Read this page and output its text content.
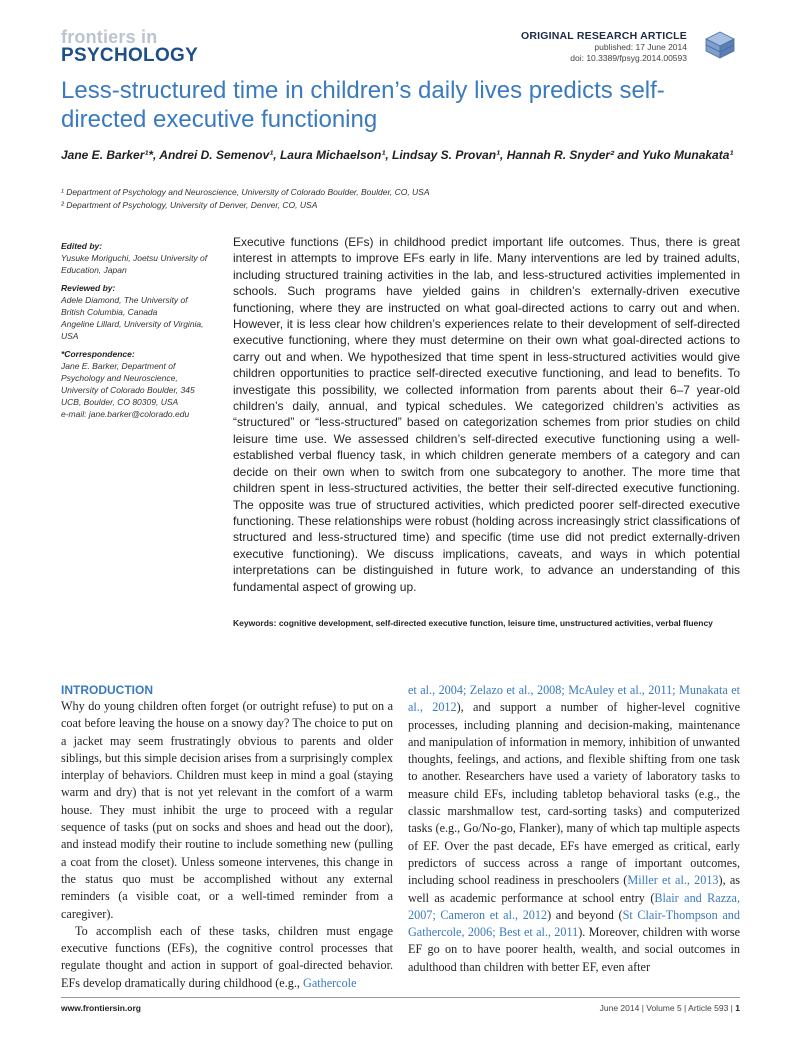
frontiers in
PSYCHOLOGY
ORIGINAL RESEARCH ARTICLE
published: 17 June 2014
doi: 10.3389/fpsyg.2014.00593
Less-structured time in children’s daily lives predicts self-directed executive functioning
Jane E. Barker¹*, Andrei D. Semenov¹, Laura Michaelson¹, Lindsay S. Provan¹, Hannah R. Snyder² and Yuko Munakata¹
¹ Department of Psychology and Neuroscience, University of Colorado Boulder, Boulder, CO, USA
² Department of Psychology, University of Denver, Denver, CO, USA
Edited by:
Yusuke Moriguchi, Joetsu University of Education, Japan
Reviewed by:
Adele Diamond, The University of British Columbia, Canada
Angeline Lillard, University of Virginia, USA
*Correspondence:
Jane E. Barker, Department of Psychology and Neuroscience, University of Colorado Boulder, 345 UCB, Boulder, CO 80309, USA
e-mail: jane.barker@colorado.edu

Executive functions (EFs) in childhood predict important life outcomes. Thus, there is great interest in attempts to improve EFs early in life. Many interventions are led by trained adults, including structured training activities in the lab, and less-structured activities implemented in schools. Such programs have yielded gains in children’s externally-driven executive functioning, where they are instructed on what goal-directed actions to carry out and when. However, it is less clear how children’s experiences relate to their development of self-directed executive functioning, where they must determine on their own what goal-directed actions to carry out and when. We hypothesized that time spent in less-structured activities would give children opportunities to practice self-directed executive functioning, and lead to benefits. To investigate this possibility, we collected information from parents about their 6–7 year-old children’s daily, annual, and typical schedules. We categorized children’s activities as “structured” or “less-structured” based on categorization schemes from prior studies on child leisure time use. We assessed children’s self-directed executive functioning using a well-established verbal fluency task, in which children generate members of a category and can decide on their own when to switch from one subcategory to another. The more time that children spent in less-structured activities, the better their self-directed executive functioning. The opposite was true of structured activities, which predicted poorer self-directed executive functioning. These relationships were robust (holding across increasingly strict classifications of structured and less-structured time) and specific (time use did not predict externally-driven executive functioning). We discuss implications, caveats, and ways in which potential interpretations can be distinguished in future work, to advance an understanding of this fundamental aspect of growing up.

Keywords: cognitive development, self-directed executive function, leisure time, unstructured activities, verbal fluency

INTRODUCTION

Why do young children often forget (or outright refuse) to put on a coat before leaving the house on a snowy day? The choice to put on a jacket may seem frustratingly obvious to parents and older siblings, but this simple decision arises from a surprisingly complex interplay of behaviors. Children must keep in mind a goal (staying warm and dry) that is not yet relevant in the comfort of a warm house. They must inhibit the urge to proceed with a regular sequence of tasks (put on socks and shoes and head out the door), and instead modify their routine to include something new (pulling a coat from the closet). Unless someone intervenes, this change in the status quo must be accomplished without any external reminders (a visible coat, or a well-timed reminder from a caregiver).

To accomplish each of these tasks, children must engage executive functions (EFs), the cognitive control processes that regulate thought and action in support of goal-directed behavior. EFs develop dramatically during childhood (e.g., Gathercole

et al., 2004; Zelazo et al., 2008; McAuley et al., 2011; Munakata et al., 2012), and support a number of higher-level cognitive processes, including planning and decision-making, maintenance and manipulation of information in memory, inhibition of unwanted thoughts, feelings, and actions, and flexible shifting from one task to another. Researchers have used a variety of laboratory tasks to measure child EFs, including tabletop behavioral tasks (e.g., the classic marshmallow test, card-sorting tasks) and computerized tasks (e.g., Go/No-go, Flanker), many of which tap multiple aspects of EF. Over the past decade, EFs have emerged as critical, early predictors of success across a range of important outcomes, including school readiness in preschoolers (Miller et al., 2013), as well as academic performance at school entry (Blair and Razza, 2007; Cameron et al., 2012) and beyond (St Clair-Thompson and Gathercole, 2006; Best et al., 2011). Moreover, children with worse EF go on to have poorer health, wealth, and social outcomes in adulthood than children with better EF, even after

www.frontiersin.org	June 2014 | Volume 5 | Article 593 | 1
